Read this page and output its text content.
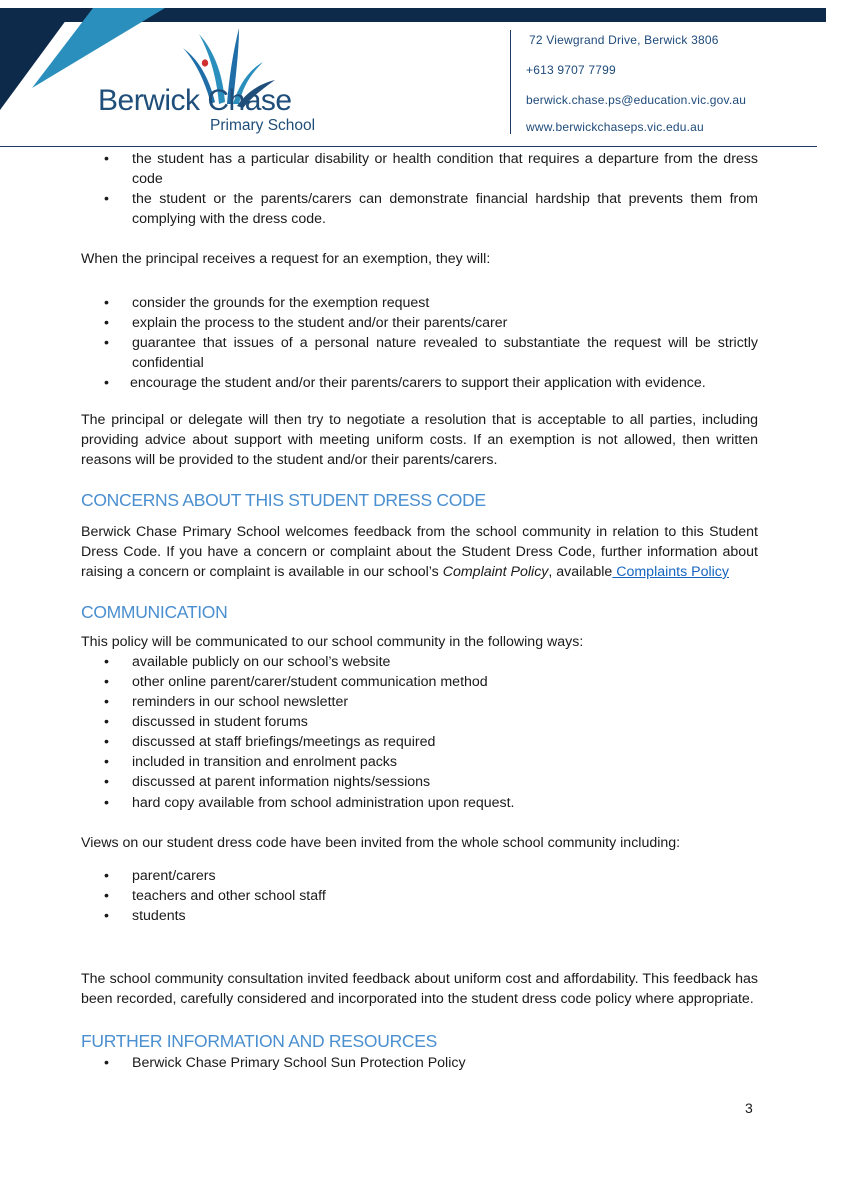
Berwick Chase
Primary School
72 Viewgrand Drive, Berwick 3806
+613 9707 7799
berwick.chase.ps@education.vic.gov.au
www.berwickchaseps.vic.edu.au
• the student has a particular disability or health condition that requires a departure from the dress code
• the student or the parents/carers can demonstrate financial hardship that prevents them from complying with the dress code.

When the principal receives a request for an exemption, they will:

• consider the grounds for the exemption request
• explain the process to the student and/or their parents/carer
• guarantee that issues of a personal nature revealed to substantiate the request will be strictly confidential
• encourage the student and/or their parents/carers to support their application with evidence.

The principal or delegate will then try to negotiate a resolution that is acceptable to all parties, including providing advice about support with meeting uniform costs. If an exemption is not allowed, then written reasons will be provided to the student and/or their parents/carers.

CONCERNS ABOUT THIS STUDENT DRESS CODE

Berwick Chase Primary School welcomes feedback from the school community in relation to this Student Dress Code. If you have a concern or complaint about the Student Dress Code, further information about raising a concern or complaint is available in our school’s Complaint Policy, available Complaints Policy

COMMUNICATION

This policy will be communicated to our school community in the following ways:

• available publicly on our school’s website
• other online parent/carer/student communication method
• reminders in our school newsletter
• discussed in student forums
• discussed at staff briefings/meetings as required
• included in transition and enrolment packs
• discussed at parent information nights/sessions
• hard copy available from school administration upon request.

Views on our student dress code have been invited from the whole school community including:

• parent/carers
• teachers and other school staff
• students

The school community consultation invited feedback about uniform cost and affordability. This feedback has been recorded, carefully considered and incorporated into the student dress code policy where appropriate.

FURTHER INFORMATION AND RESOURCES
• Berwick Chase Primary School Sun Protection Policy
3
